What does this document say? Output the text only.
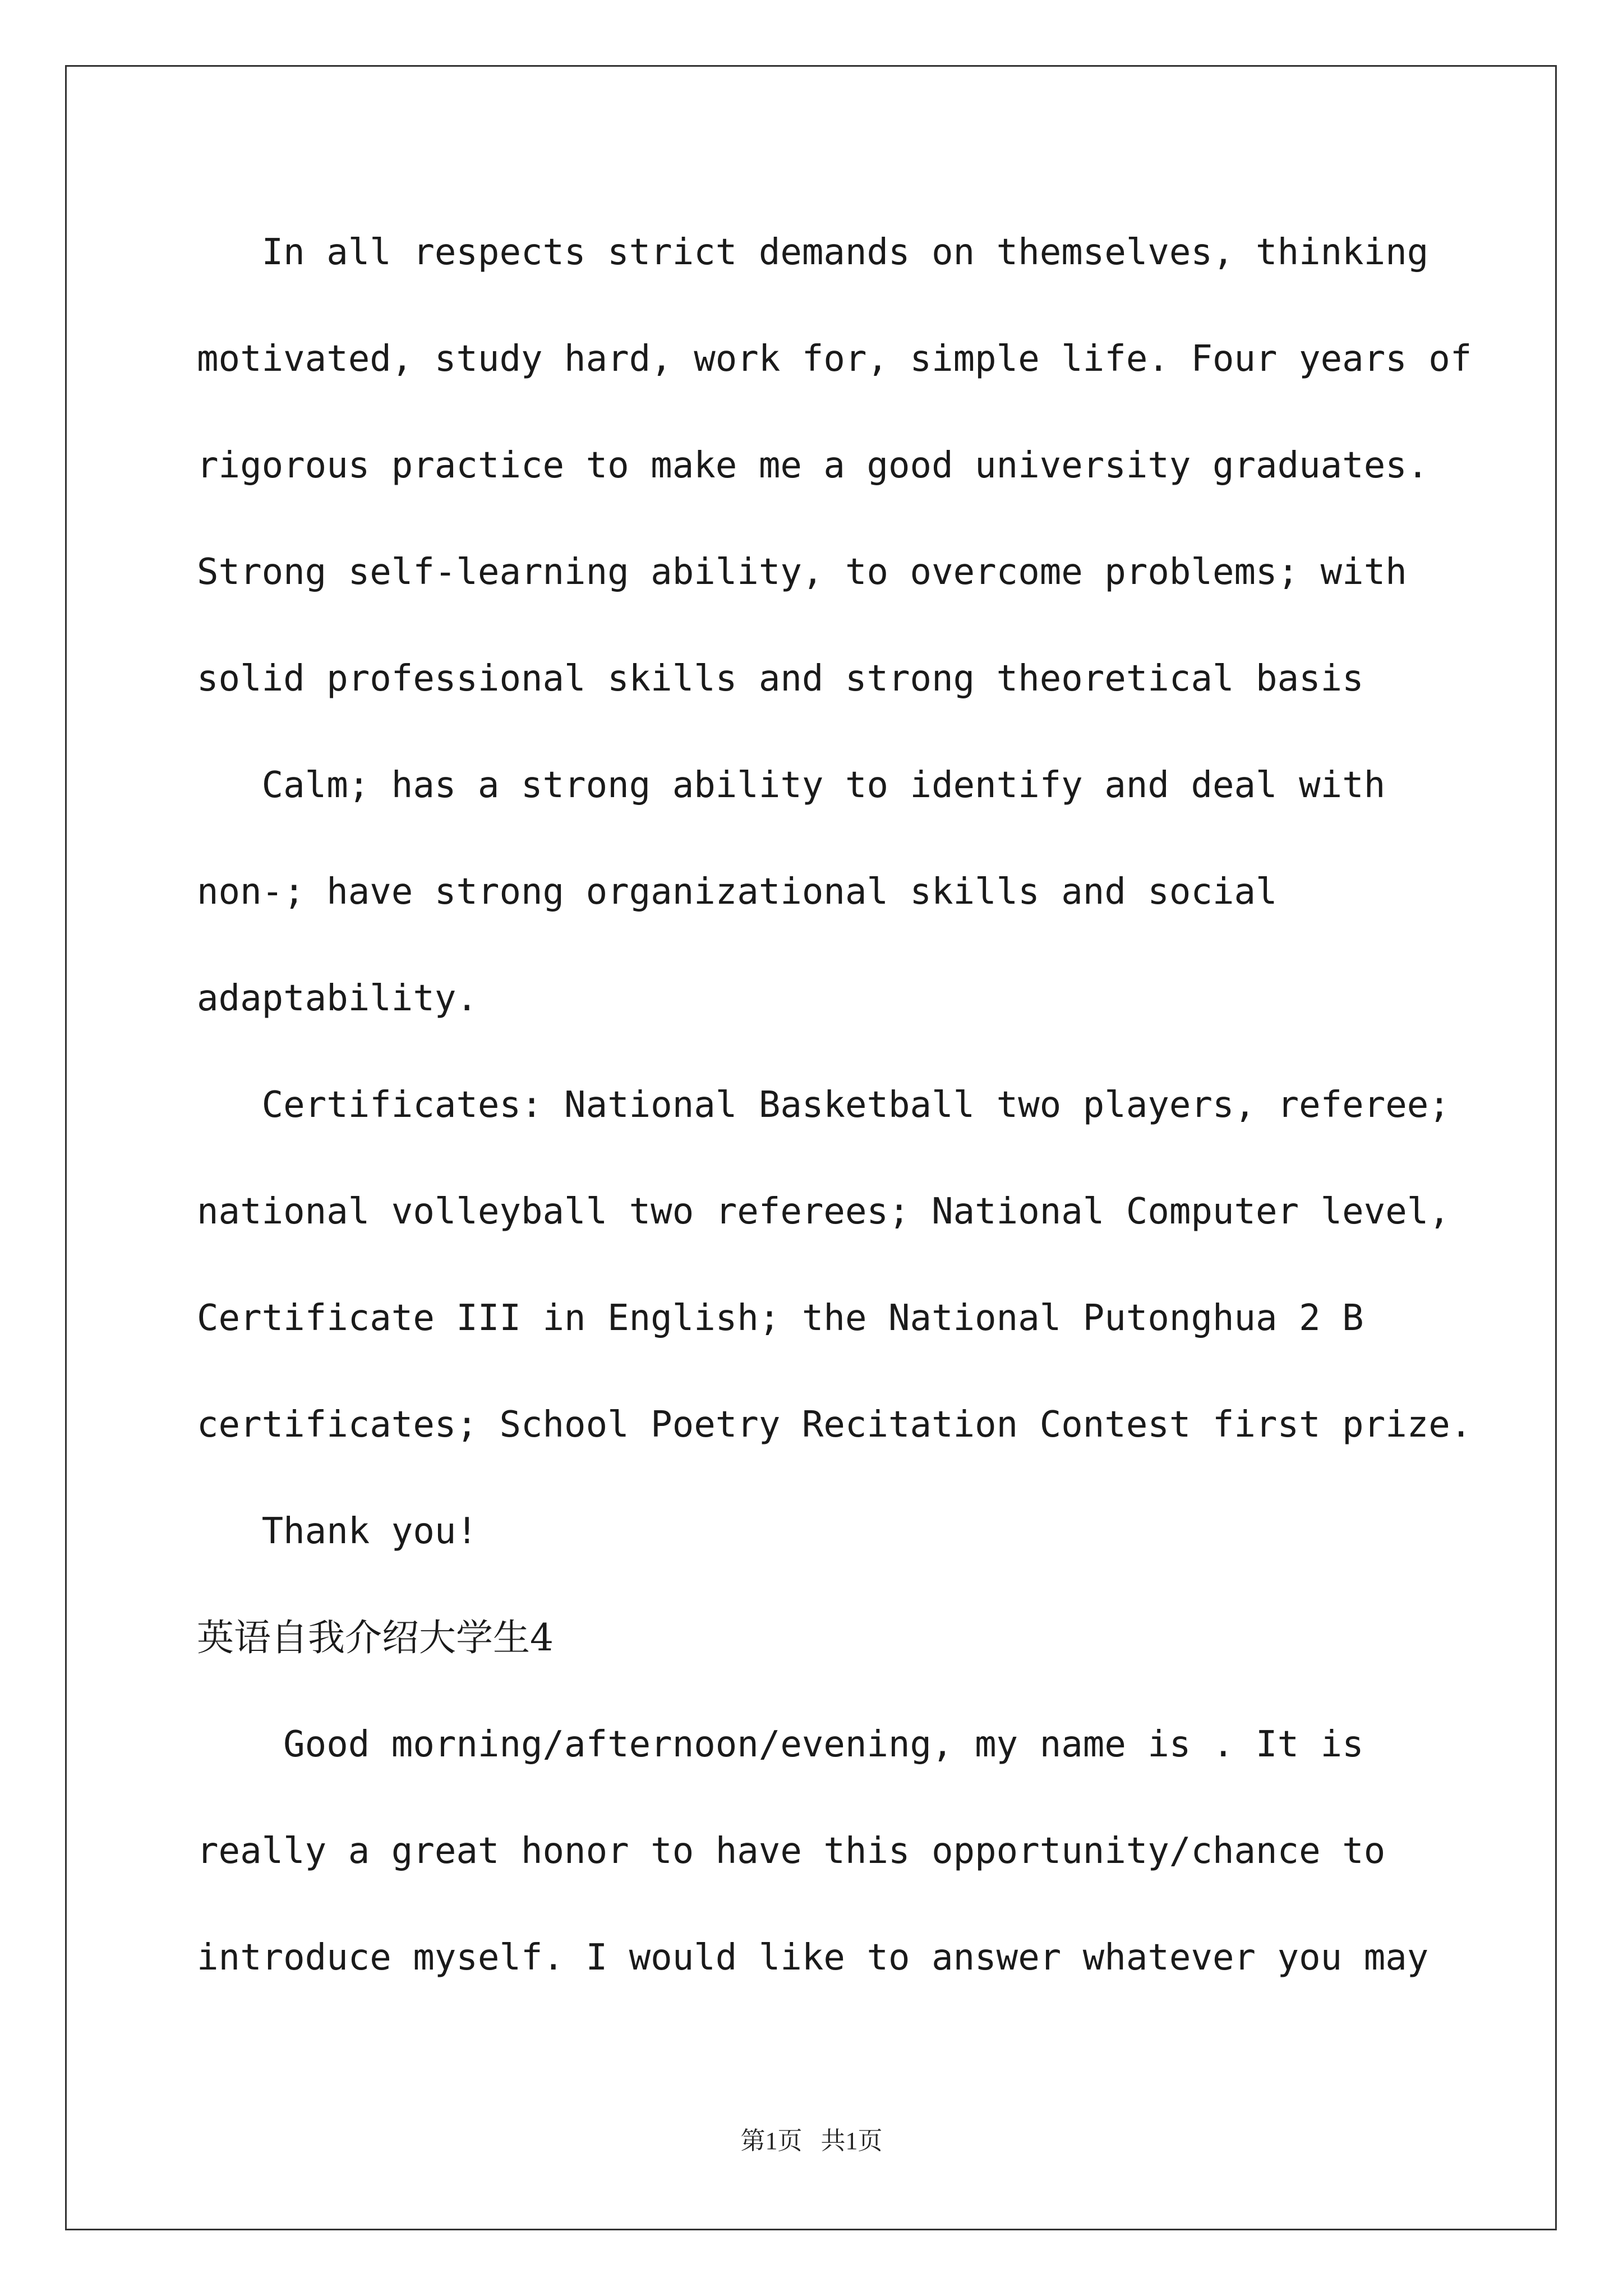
In all respects strict demands on themselves, thinking
motivated, study hard, work for, simple life. Four years of
rigorous practice to make me a good university graduates.
Strong self-learning ability, to overcome problems; with
solid professional skills and strong theoretical basis
Calm; has a strong ability to identify and deal with
non-; have strong organizational skills and social
adaptability.
Certificates: National Basketball two players, referee;
national volleyball two referees; National Computer level,
Certificate III in English; the National Putonghua 2 B
certificates; School Poetry Recitation Contest first prize.
Thank you!
英语自我介绍大学生4
Good morning/afternoon/evening, my name is . It is
really a great honor to have this opportunity/chance to
introduce myself. I would like to answer whatever you may
第1页   共1页
